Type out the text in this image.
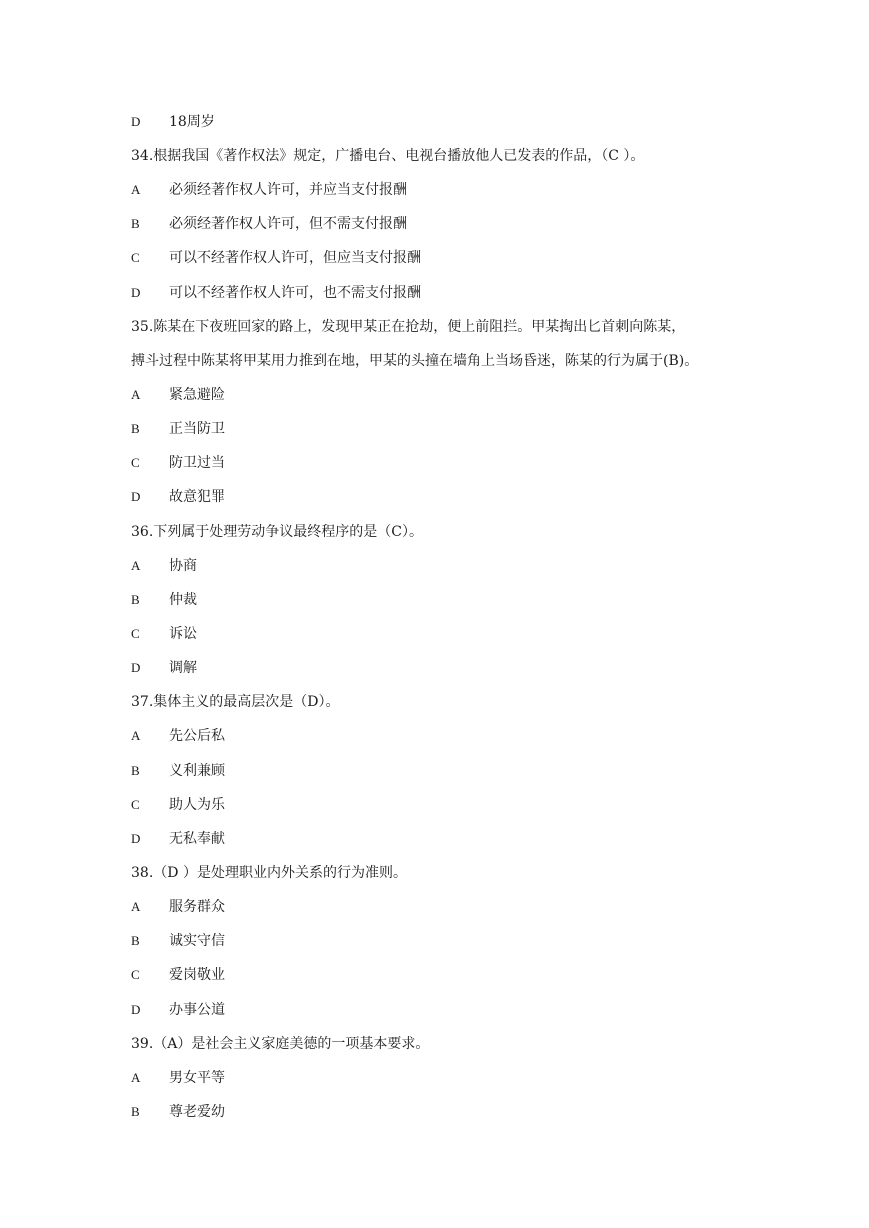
D 18周岁
34.根据我国《著作权法》规定，广播电台、电视台播放他人已发表的作品，（C ）。
A 必须经著作权人许可，并应当支付报酬
B 必须经著作权人许可，但不需支付报酬
C 可以不经著作权人许可，但应当支付报酬
D 可以不经著作权人许可，也不需支付报酬
35.陈某在下夜班回家的路上，发现甲某正在抢劫，便上前阻拦。甲某掏出匕首刺向陈某，
搏斗过程中陈某将甲某用力推到在地，甲某的头撞在墙角上当场昏迷，陈某的行为属于(B)。
A 紧急避险
B 正当防卫
C 防卫过当
D 故意犯罪
36.下列属于处理劳动争议最终程序的是（C）。
A 协商
B 仲裁
C 诉讼
D 调解
37.集体主义的最高层次是（D）。
A 先公后私
B 义利兼顾
C 助人为乐
D 无私奉献
38.（D ）是处理职业内外关系的行为准则。
A 服务群众
B 诚实守信
C 爱岗敬业
D 办事公道
39.（A）是社会主义家庭美德的一项基本要求。
A 男女平等
B 尊老爱幼
